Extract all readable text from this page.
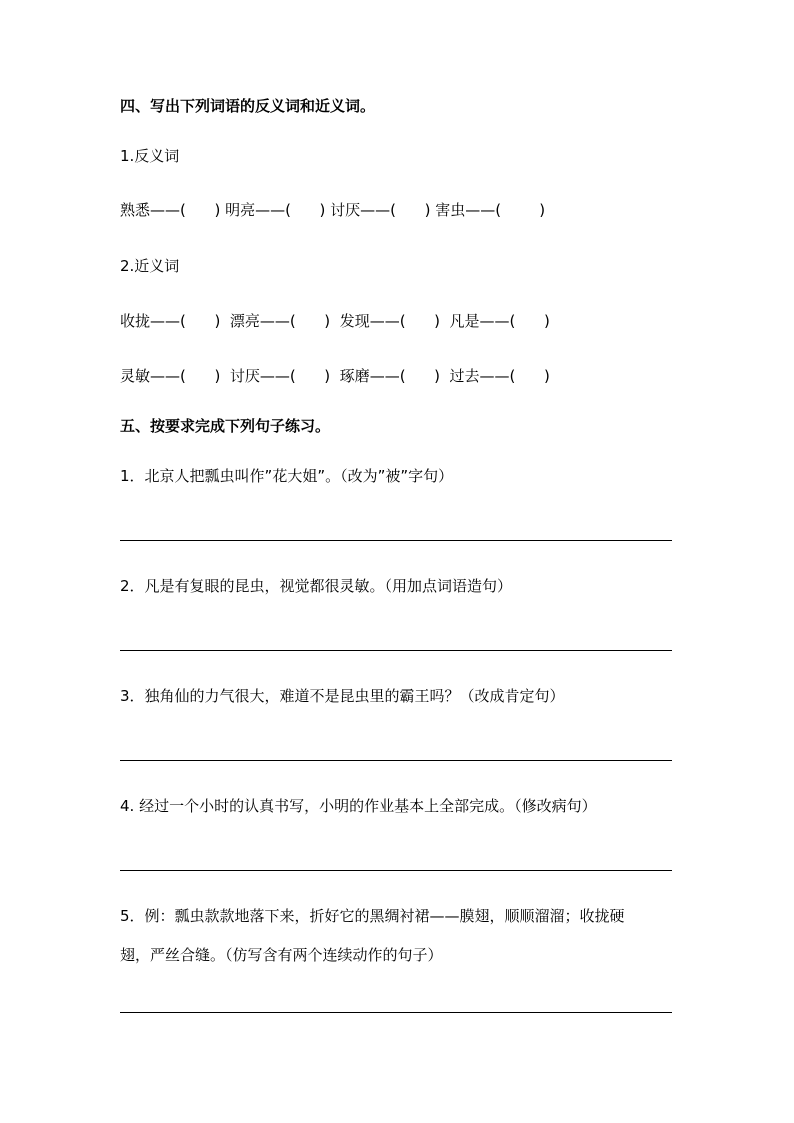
四、写出下列词语的反义词和近义词。
1.反义词
熟悉——(      ) 明亮——(      ) 讨厌——(      ) 害虫——(        )
2.近义词
收拢——(      )  漂亮——(      )  发现——(      )  凡是——(      )
灵敏——(      )  讨厌——(      )  琢磨——(      )  过去——(      )
五、按要求完成下列句子练习。
1．北京人把瓢虫叫作”花大姐”。（改为”被”字句）
2．凡是有复眼的昆虫，视觉都很灵敏。（用加点词语造句）
3．独角仙的力气很大，难道不是昆虫里的霸王吗？（改成肯定句）
4. 经过一个小时的认真书写，小明的作业基本上全部完成。（修改病句）
5．例：瓢虫款款地落下来，折好它的黑绸衬裙——膜翅，顺顺溜溜；收拢硬
翅，严丝合缝。（仿写含有两个连续动作的句子）
